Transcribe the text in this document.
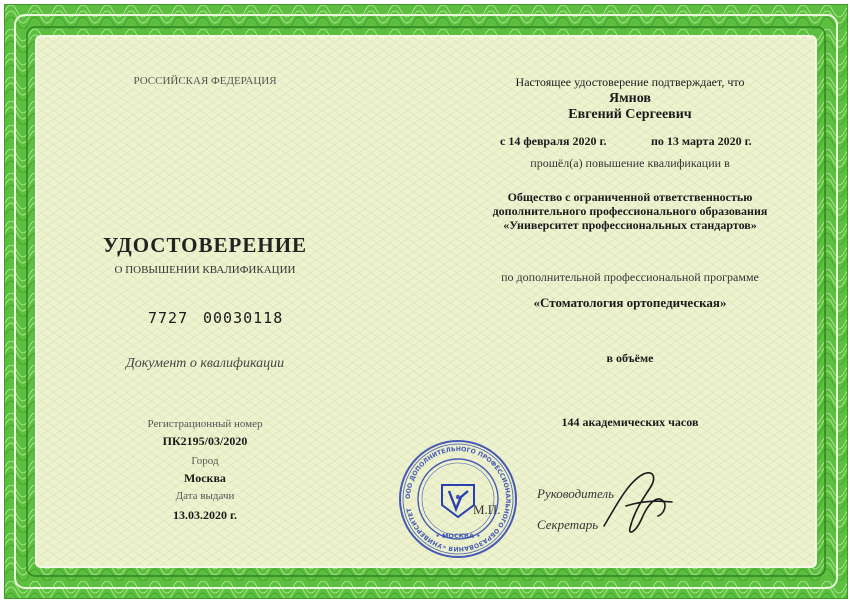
РОССИЙСКАЯ ФЕДЕРАЦИЯ
УДОСТОВЕРЕНИЕ
О ПОВЫШЕНИИ КВАЛИФИКАЦИИ
7727 00030118
Документ о квалификации
Регистрационный номер
ПК2195/03/2020
Город
Москва
Дата выдачи
13.03.2020 г.
Настоящее удостоверение подтверждает, что
Ямнов
Евгений Сергеевич
с 14 февраля 2020 г.	по 13 марта 2020 г.
прошёл(а) повышение квалификации в
Общество с ограниченной ответственностью
дополнительного профессионального образования
«Университет профессиональных стандартов»
по дополнительной профессиональной программе
«Стоматология ортопедическая»
в объёме
144 академических часов
Руководитель
Секретарь
М.П.
ООО ДОПОЛНИТЕЛЬНОГО ПРОФЕССИОНАЛЬНОГО ОБРАЗОВАНИЯ «УНИВЕРСИТЕТ
• МОСКВА •
